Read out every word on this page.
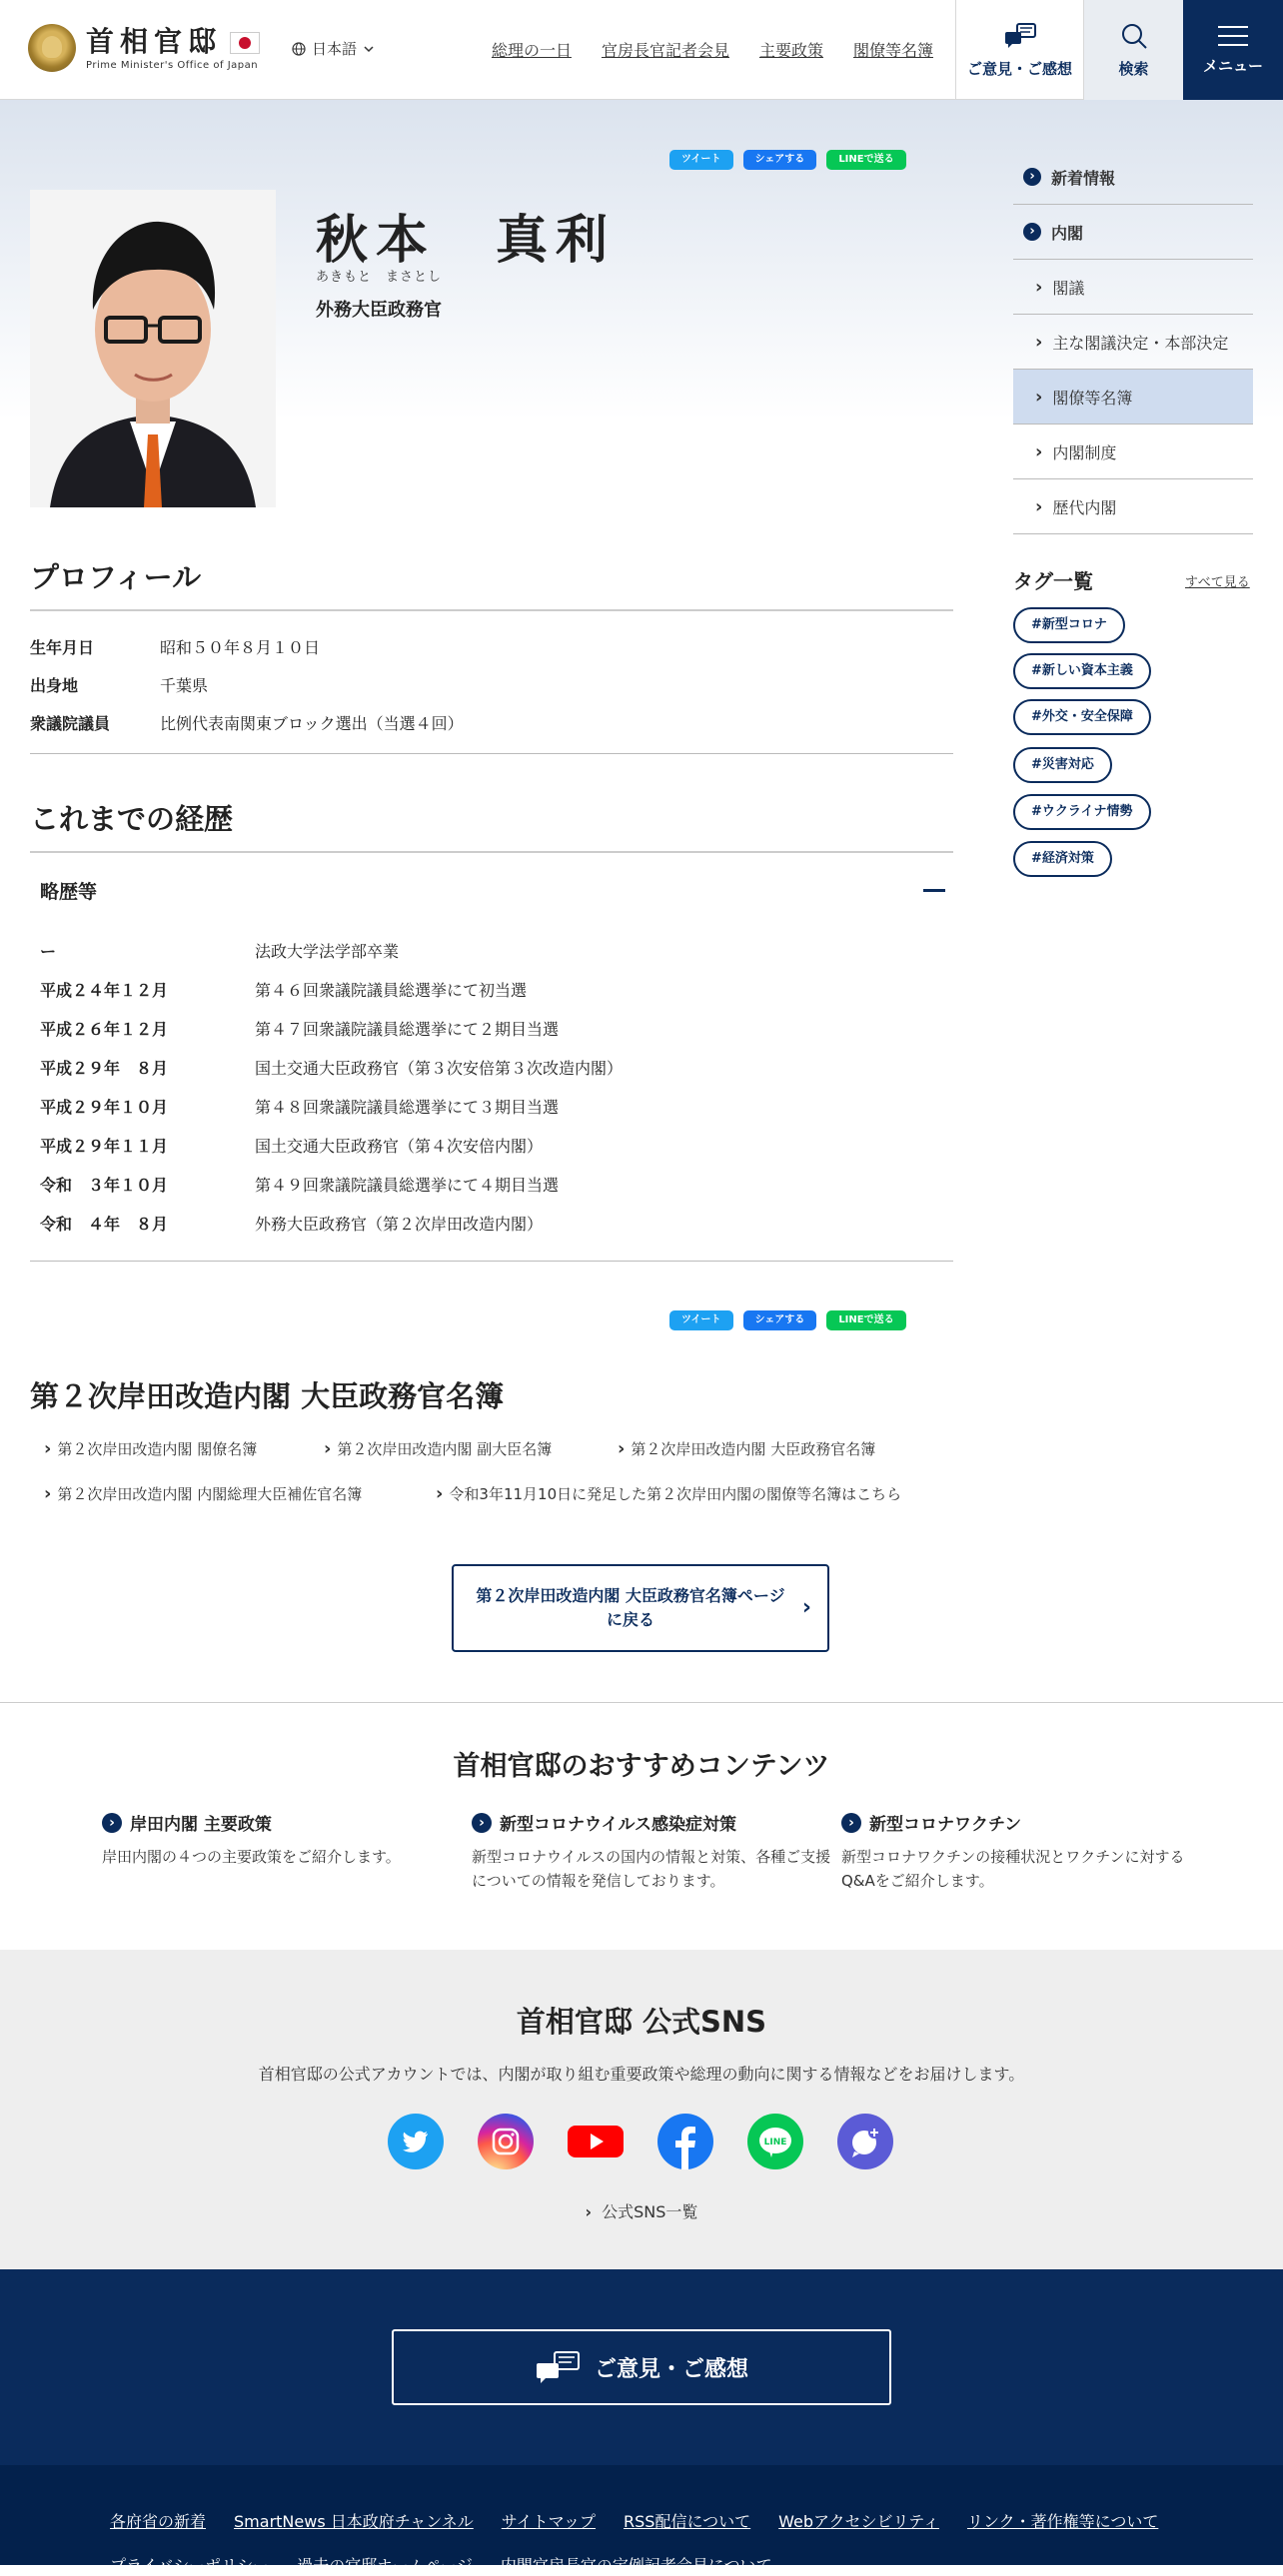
首相官邸
Prime Minister's Office of Japan
日本語	総理の一日 官房長官記者会見 主要政策 閣僚等名簿
ご意見・ご感想	検索	メニュー
ツイート	シェアする	LINEで送る
秋本　真利
あきもと　まさとし
外務大臣政務官
プロフィール
生年月日	昭和５０年８月１０日
出身地	千葉県
衆議院議員	比例代表南関東ブロック選出（当選４回）
これまでの経歴
略歴等
ー	法政大学法学部卒業
平成２４年１２月	第４６回衆議院議員総選挙にて初当選
平成２６年１２月	第４７回衆議院議員総選挙にて２期目当選
平成２９年　８月	国土交通大臣政務官（第３次安倍第３次改造内閣）
平成２９年１０月	第４８回衆議院議員総選挙にて３期目当選
平成２９年１１月	国土交通大臣政務官（第４次安倍内閣）
令和　３年１０月	第４９回衆議院議員総選挙にて４期目当選
令和　４年　８月	外務大臣政務官（第２次岸田改造内閣）
ツイート	シェアする	LINEで送る
第２次岸田改造内閣 大臣政務官名簿
› 第２次岸田改造内閣 閣僚名簿	› 第２次岸田改造内閣 副大臣名簿	› 第２次岸田改造内閣 大臣政務官名簿
› 第２次岸田改造内閣 内閣総理大臣補佐官名簿	› 令和3年11月10日に発足した第２次岸田内閣の閣僚等名簿はこちら
第２次岸田改造内閣 大臣政務官名簿ページに戻る	›
首相官邸のおすすめコンテンツ
› 岸田内閣 主要政策
岸田内閣の４つの主要政策をご紹介します。
› 新型コロナウイルス感染症対策
新型コロナウイルスの国内の情報と対策、各種ご支援についての情報を発信しております。
› 新型コロナワクチン
新型コロナワクチンの接種状況とワクチンに対するQ&Aをご紹介します。
首相官邸 公式SNS
首相官邸の公式アカウントでは、内閣が取り組む重要政策や総理の動向に関する情報などをお届けします。
LINE
› 公式SNS一覧
ご意見・ご感想
各府省の新着 SmartNews 日本政府チャンネル サイトマップ RSS配信について Webアクセシビリティ リンク・著作権等について
プライバシーポリシー 過去の官邸ホームページ 内閣官房長官の定例記者会見について
›	新着情報
›	内閣
› 閣議
› 主な閣議決定・本部決定
› 閣僚等名簿
› 内閣制度
› 歴代内閣
タグ一覧	すべて見る
#新型コロナ
#新しい資本主義
#外交・安全保障
#災害対応
#ウクライナ情勢
#経済対策
